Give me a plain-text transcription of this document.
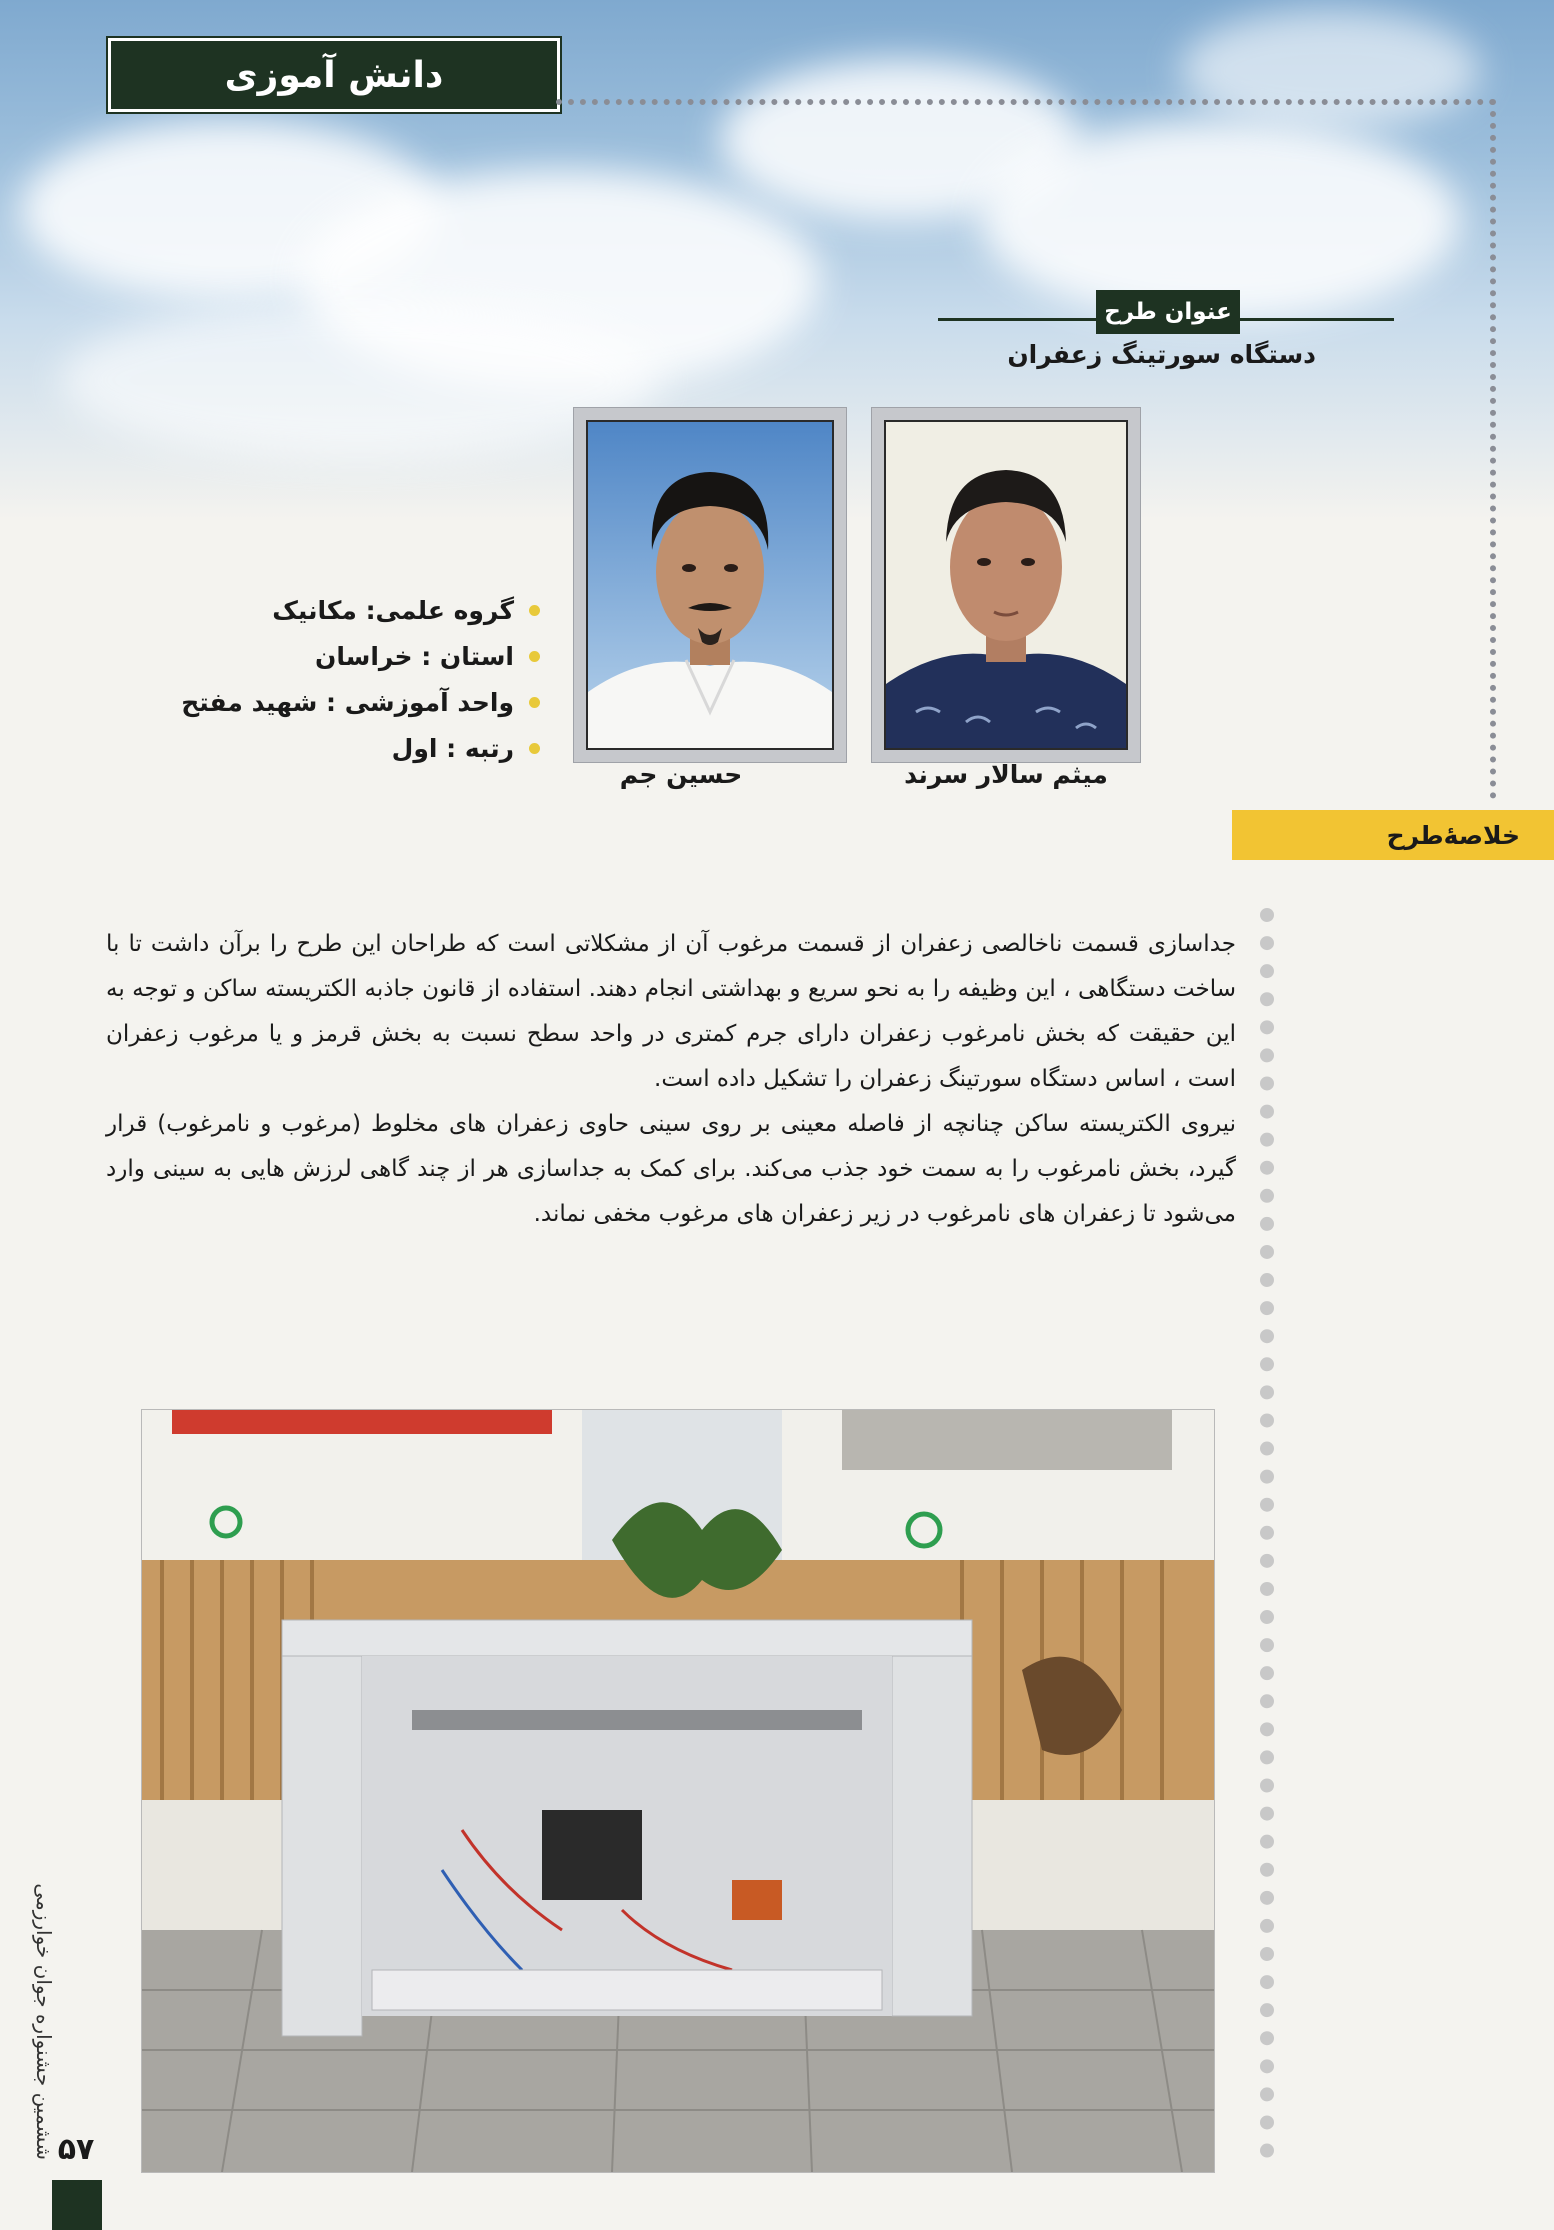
دانش آموزی
عنوان طرح
دستگاه سورتینگ زعفران
میثم سالار سرند
حسین جم
گروه علمی: مکانیک
استان : خراسان
واحد آموزشی : شهید مفتح
رتبه : اول
خلاصهٔ‌طرح

جداسازی قسمت ناخالصی زعفران از قسمت مرغوب آن از مشکلاتی است که طراحان این طرح را برآن داشت تا با ساخت دستگاهی ، این وظیفه را به نحو سریع و بهداشتی انجام دهند. استفاده از قانون جاذبه الکتریسته ساکن و توجه به این حقیقت که بخش نامرغوب زعفران دارای جرم کمتری در واحد سطح نسبت به بخش قرمز و یا مرغوب زعفران است ، اساس دستگاه سورتینگ زعفران را تشکیل داده است.

نیروی الکتریسته ساکن چنانچه از فاصله معینی بر روی سینی حاوی زعفران های مخلوط (مرغوب و نامرغوب) قرار گیرد، بخش نامرغوب را به سمت خود جذب می‌کند. برای کمک به جداسازی هر از چند گاهی لرزش هایی به سینی وارد می‌شود تا زعفران های نامرغوب در زیر زعفران های مرغوب مخفی نماند.

ششمین جشنواره جوان خوارزمی ۵۷
